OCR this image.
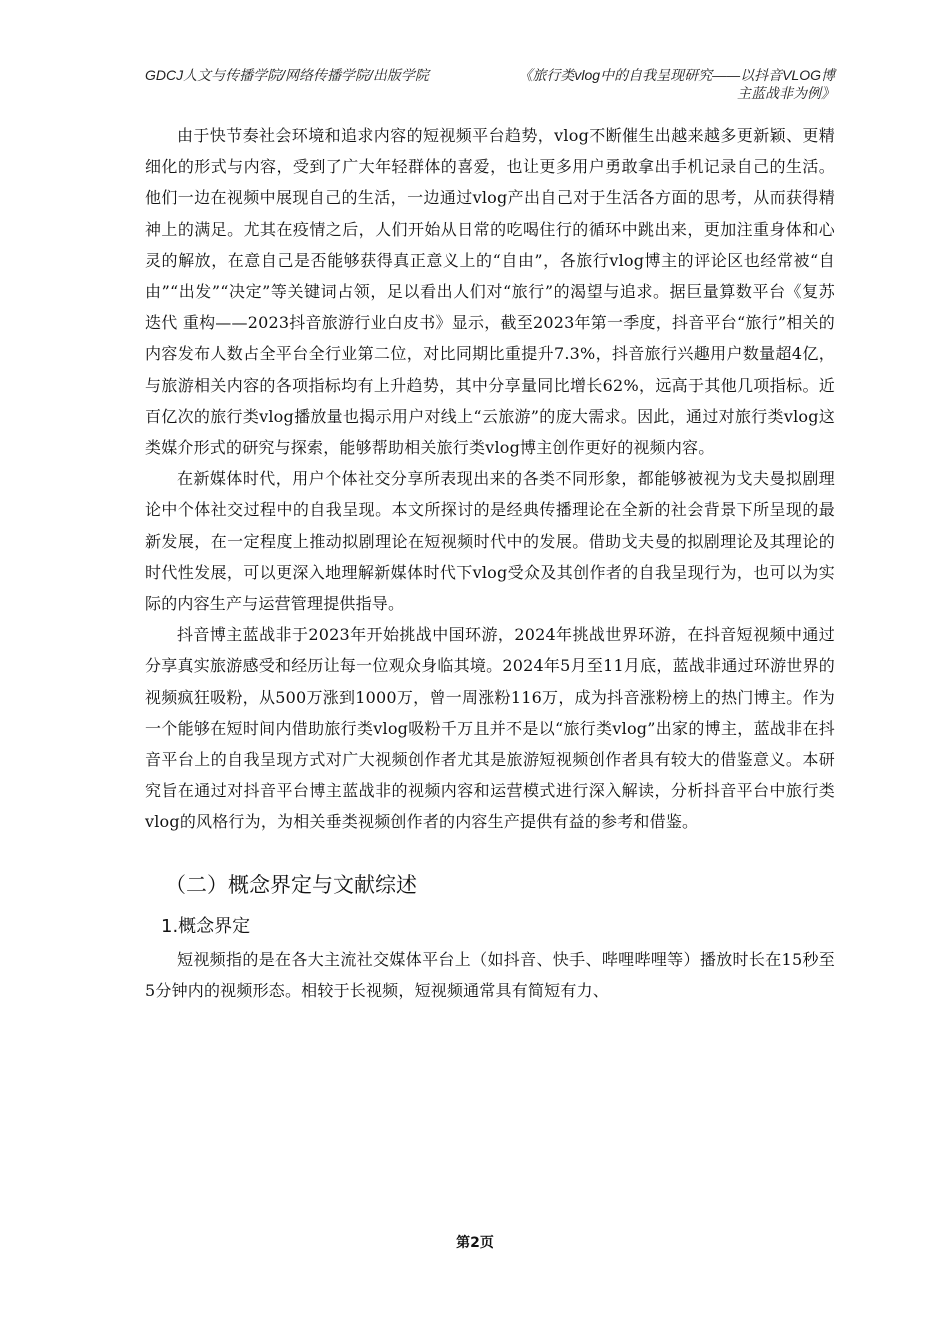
GDCJ人文与传播学院/网络传播学院/出版学院	《旅行类vlog中的自我呈现研究——以抖音VLOG博主蓝战非为例》

由于快节奏社会环境和追求内容的短视频平台趋势，vlog不断催生出越来越多更新颖、更精细化的形式与内容，受到了广大年轻群体的喜爱，也让更多用户勇敢拿出手机记录自己的生活。他们一边在视频中展现自己的生活，一边通过vlog产出自己对于生活各方面的思考，从而获得精神上的满足。尤其在疫情之后，人们开始从日常的吃喝住行的循环中跳出来，更加注重身体和心灵的解放，在意自己是否能够获得真正意义上的“自由”，各旅行vlog博主的评论区也经常被“自由”“出发”“决定”等关键词占领，足以看出人们对“旅行”的渴望与追求。据巨量算数平台《复苏 迭代 重构——2023抖音旅游行业白皮书》显示，截至2023年第一季度，抖音平台“旅行”相关的内容发布人数占全平台全行业第二位，对比同期比重提升7.3%，抖音旅行兴趣用户数量超4亿，与旅游相关内容的各项指标均有上升趋势，其中分享量同比增长62%，远高于其他几项指标。近百亿次的旅行类vlog播放量也揭示用户对线上“云旅游”的庞大需求。因此，通过对旅行类vlog这类媒介形式的研究与探索，能够帮助相关旅行类vlog博主创作更好的视频内容。

在新媒体时代，用户个体社交分享所表现出来的各类不同形象，都能够被视为戈夫曼拟剧理论中个体社交过程中的自我呈现。本文所探讨的是经典传播理论在全新的社会背景下所呈现的最新发展，在一定程度上推动拟剧理论在短视频时代中的发展。借助戈夫曼的拟剧理论及其理论的时代性发展，可以更深入地理解新媒体时代下vlog受众及其创作者的自我呈现行为，也可以为实际的内容生产与运营管理提供指导。

抖音博主蓝战非于2023年开始挑战中国环游，2024年挑战世界环游，在抖音短视频中通过分享真实旅游感受和经历让每一位观众身临其境。2024年5月至11月底，蓝战非通过环游世界的视频疯狂吸粉，从500万涨到1000万，曾一周涨粉116万，成为抖音涨粉榜上的热门博主。作为一个能够在短时间内借助旅行类vlog吸粉千万且并不是以“旅行类vlog”出家的博主，蓝战非在抖音平台上的自我呈现方式对广大视频创作者尤其是旅游短视频创作者具有较大的借鉴意义。本研究旨在通过对抖音平台博主蓝战非的视频内容和运营模式进行深入解读，分析抖音平台中旅行类vlog的风格行为，为相关垂类视频创作者的内容生产提供有益的参考和借鉴。

（二）概念界定与文献综述
1.概念界定

短视频指的是在各大主流社交媒体平台上（如抖音、快手、哔哩哔哩等）播放时长在15秒至5分钟内的视频形态。相较于长视频，短视频通常具有简短有力、

第2页
